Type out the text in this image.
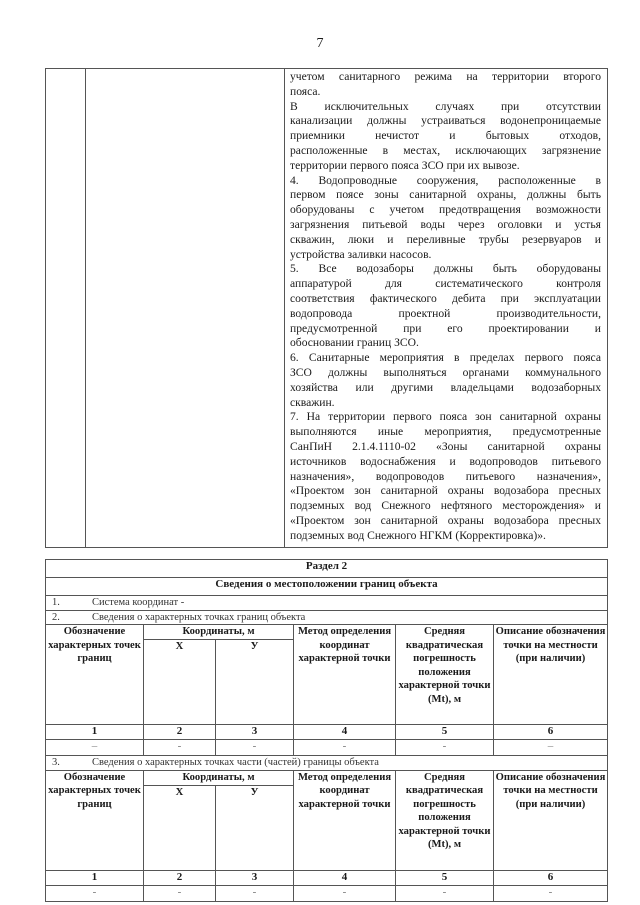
7

учетом санитарного режима на территории второго
пояса.
В исключительных случаях при отсутствии
канализации должны устраиваться водонепроницаемые
приемники нечистот и бытовых отходов,
расположенные в местах, исключающих загрязнение
территории первого пояса ЗСО при их вывозе.
4. Водопроводные сооружения, расположенные в
первом поясе зоны санитарной охраны, должны быть
оборудованы с учетом предотвращения возможности
загрязнения питьевой воды через оголовки и устья
скважин, люки и переливные трубы резервуаров и
устройства заливки насосов.
5. Все водозаборы должны быть оборудованы
аппаратурой для систематического контроля
соответствия фактического дебита при эксплуатации
водопровода проектной производительности,
предусмотренной при его проектировании и
обосновании границ ЗСО.
6. Санитарные мероприятия в пределах первого пояса
ЗСО должны выполняться органами коммунального
хозяйства или другими владельцами водозаборных
скважин.
7. На территории первого пояса зон санитарной охраны
выполняются иные мероприятия, предусмотренные
СанПиН 2.1.4.1110-02 «Зоны санитарной охраны
источников водоснабжения и водопроводов питьевого
назначения», водопроводов питьевого назначения»,
«Проектом зон санитарной охраны водозабора пресных
подземных вод Снежного нефтяного месторождения» и
«Проектом зон санитарной охраны водозабора пресных
подземных вод Снежного НГКМ (Корректировка)».
Раздел 2					
Сведения о местоположении границ объекта					
1. Система координат -					
2. Сведения о характерных точках границ объекта					
Обозначение характерных точек границ	Координаты, м		Метод определения координат характерной точки	Средняя квадратическая погрешность положения характерной точки (Mt), м	Описание обозначения точки на местности (при наличии)
	Х	У			
1	2	3	4	5	6
–	-	-	-	-	–
3. Сведения о характерных точках части (частей) границы объекта					
Обозначение характерных точек границ	Координаты, м		Метод определения координат характерной точки	Средняя квадратическая погрешность положения характерной точки (Mt), м	Описание обозначения точки на местности (при наличии)
	Х	У			
1	2	3	4	5	6
-	-	-	-	-	-
